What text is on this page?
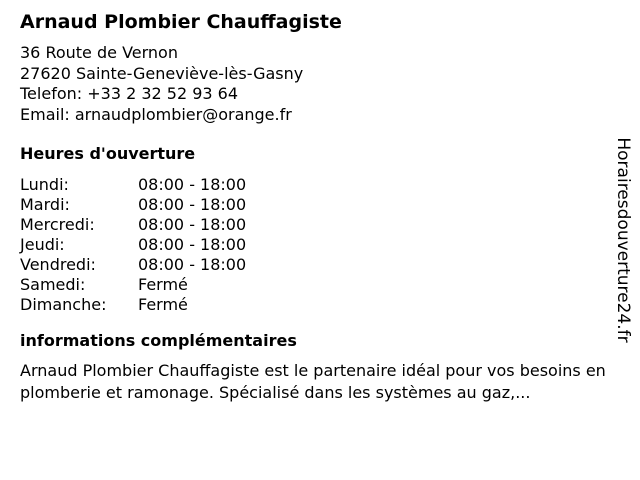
Arnaud Plombier Chauffagiste
36 Route de Vernon
27620 Sainte-Geneviève-lès-Gasny
Telefon: +33 2 32 52 93 64
Email: arnaudplombier@orange.fr
Heures d'ouverture
Lundi:	08:00 - 18:00
Mardi:	08:00 - 18:00
Mercredi:	08:00 - 18:00
Jeudi:	08:00 - 18:00
Vendredi:	08:00 - 18:00
Samedi:	Fermé
Dimanche:	Fermé
informations complémentaires
Arnaud Plombier Chauffagiste est le partenaire idéal pour vos besoins en plomberie et ramonage. Spécialisé dans les systèmes au gaz,...
Horairesdouverture24.fr
